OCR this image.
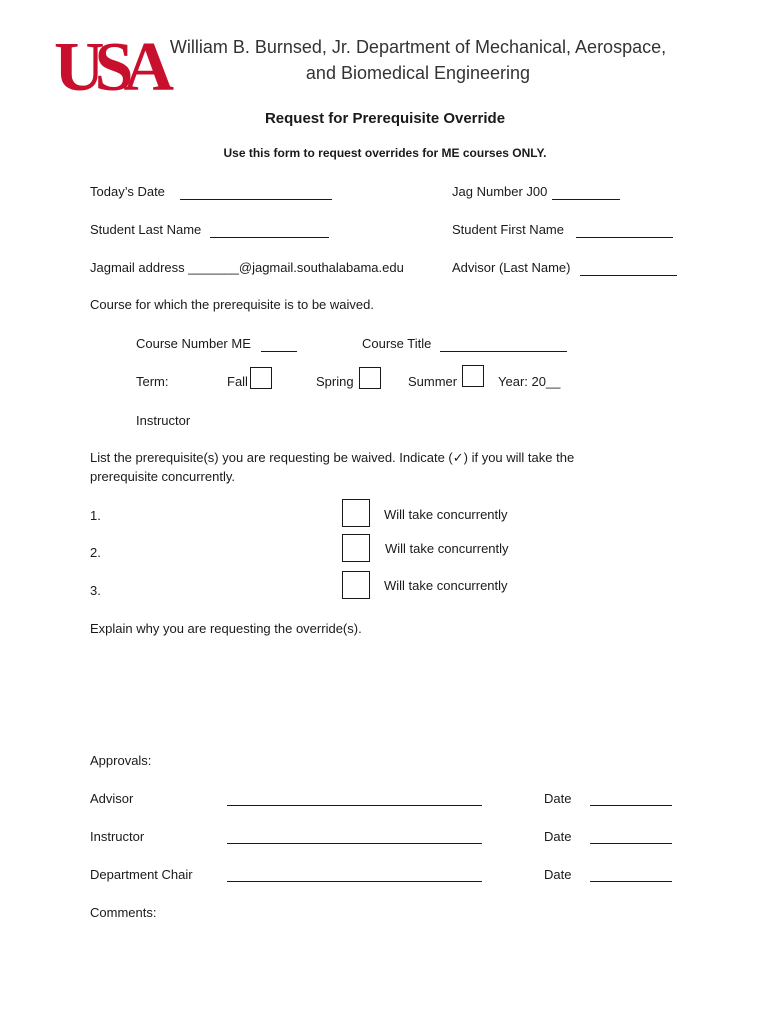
USA William B. Burnsed, Jr. Department of Mechanical, Aerospace,
and Biomedical Engineering
Request for Prerequisite Override
Use this form to request overrides for ME courses ONLY.
Today’s Date	Jag Number J00
Student Last Name	Student First Name
Jagmail address _______@jagmail.southalabama.edu	Advisor (Last Name)
Course for which the prerequisite is to be waived.
Course Number ME	Course Title
Term:	Fall	Spring	Summer	Year: 20__
Instructor
List the prerequisite(s) you are requesting be waived. Indicate (✓) if you will take the
prerequisite concurrently.
1.	Will take concurrently
2.	Will take concurrently
3.	Will take concurrently
Explain why you are requesting the override(s).
Approvals:
Advisor	Date
Instructor	Date
Department Chair	Date
Comments:
